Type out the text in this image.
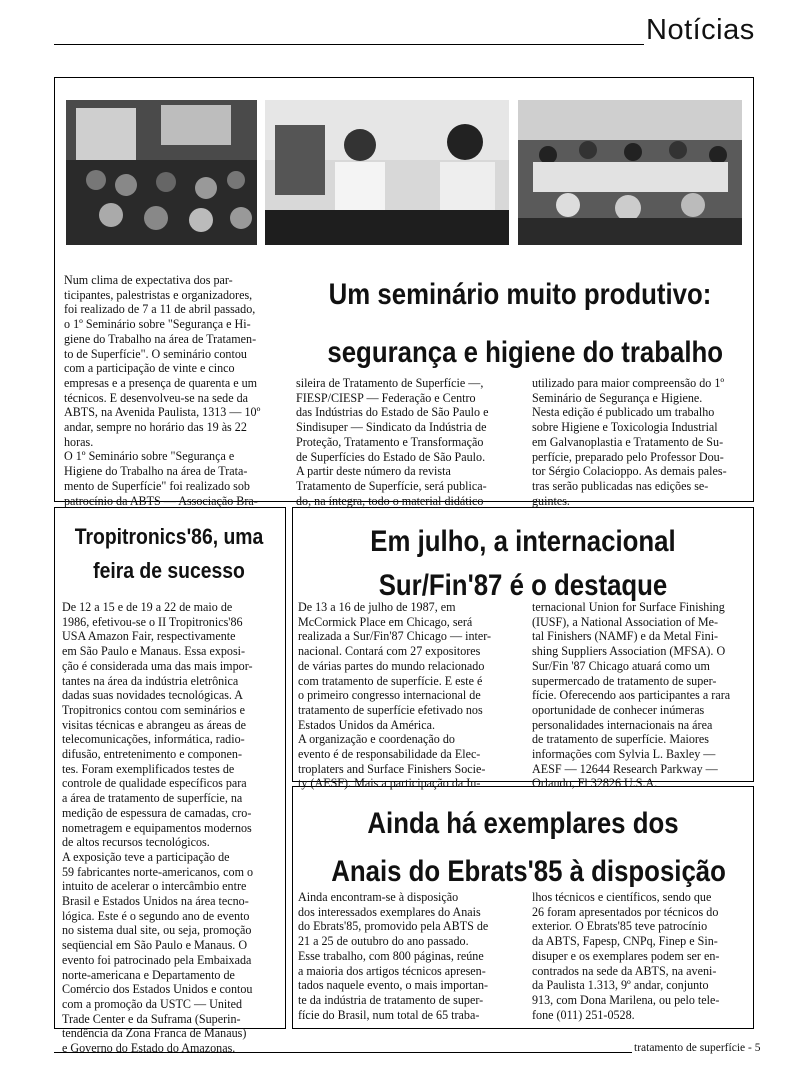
Notícias
Um seminário muito produtivo:
segurança e higiene do trabalho

Num clima de expectativa dos par-
ticipantes, palestristas e organizadores,
foi realizado de 7 a 11 de abril passado,
o 1º Seminário sobre "Segurança e Hi-
giene do Trabalho na área de Tratamen-
to de Superfície". O seminário contou
com a participação de vinte e cinco
empresas e a presença de quarenta e um
técnicos. E desenvolveu-se na sede da
ABTS, na Avenida Paulista, 1313 — 10º
andar, sempre no horário das 19 às 22
horas.
O 1º Seminário sobre "Segurança e
Higiene do Trabalho na área de Trata-
mento de Superfície" foi realizado sob
patrocínio da ABTS — Associação Bra-

sileira de Tratamento de Superfície —,
FIESP/CIESP — Federação e Centro
das Indústrias do Estado de São Paulo e
Sindisuper — Sindicato da Indústria de
Proteção, Tratamento e Transformação
de Superfícies do Estado de São Paulo.
A partir deste número da revista
Tratamento de Superfície, será publica-
do, na íntegra, todo o material didático

utilizado para maior compreensão do 1º
Seminário de Segurança e Higiene.
Nesta edição é publicado um trabalho
sobre Higiene e Toxicologia Industrial
em Galvanoplastia e Tratamento de Su-
perfície, preparado pelo Professor Dou-
tor Sérgio Colacioppo. As demais pales-
tras serão publicadas nas edições se-
guintes.

Tropitronics'86, uma
feira de sucesso

De 12 a 15 e de 19 a 22 de maio de
1986, efetivou-se o II Tropitronics'86
USA Amazon Fair, respectivamente
em São Paulo e Manaus. Essa exposi-
ção é considerada uma das mais impor-
tantes na área da indústria eletrônica
dadas suas novidades tecnológicas. A
Tropitronics contou com seminários e
visitas técnicas e abrangeu as áreas de
telecomunicações, informática, radio-
difusão, entretenimento e componen-
tes. Foram exemplificados testes de
controle de qualidade específicos para
a área de tratamento de superfície, na
medição de espessura de camadas, cro-
nometragem e equipamentos modernos
de altos recursos tecnológicos.
A exposição teve a participação de
59 fabricantes norte-americanos, com o
intuito de acelerar o intercâmbio entre
Brasil e Estados Unidos na área tecno-
lógica. Este é o segundo ano de evento
no sistema dual site, ou seja, promoção
seqüencial em São Paulo e Manaus. O
evento foi patrocinado pela Embaixada
norte-americana e Departamento de
Comércio dos Estados Unidos e contou
com a promoção da USTC — United
Trade Center e da Suframa (Superin-
tendência da Zona Franca de Manaus)
e Governo do Estado do Amazonas.

Em julho, a internacional
Sur/Fin'87 é o destaque

De 13 a 16 de julho de 1987, em
McCormick Place em Chicago, será
realizada a Sur/Fin'87 Chicago — inter-
nacional. Contará com 27 expositores
de várias partes do mundo relacionado
com tratamento de superfície. E este é
o primeiro congresso internacional de
tratamento de superfície efetivado nos
Estados Unidos da América.
A organização e coordenação do
evento é de responsabilidade da Elec-
troplaters and Surface Finishers Socie-
ty (AESF). Mais a participação da In-

ternacional Union for Surface Finishing
(IUSF), a National Association of Me-
tal Finishers (NAMF) e da Metal Fini-
shing Suppliers Association (MFSA). O
Sur/Fin '87 Chicago atuará como um
supermercado de tratamento de super-
fície. Oferecendo aos participantes a rara
oportunidade de conhecer inúmeras
personalidades internacionais na área
de tratamento de superfície. Maiores
informações com Sylvia L. Baxley —
AESF — 12644 Research Parkway —
Orlando, Fl 32826 U.S.A.

Ainda há exemplares dos
Anais do Ebrats'85 à disposição

Ainda encontram-se à disposição
dos interessados exemplares do Anais
do Ebrats'85, promovido pela ABTS de
21 a 25 de outubro do ano passado.
Esse trabalho, com 800 páginas, reúne
a maioria dos artigos técnicos apresen-
tados naquele evento, o mais importan-
te da indústria de tratamento de super-
fície do Brasil, num total de 65 traba-

lhos técnicos e científicos, sendo que
26 foram apresentados por técnicos do
exterior. O Ebrats'85 teve patrocínio
da ABTS, Fapesp, CNPq, Finep e Sin-
disuper e os exemplares podem ser en-
contrados na sede da ABTS, na aveni-
da Paulista 1.313, 9º andar, conjunto
913, com Dona Marilena, ou pelo tele-
fone (011) 251-0528.

tratamento de superfície - 5
